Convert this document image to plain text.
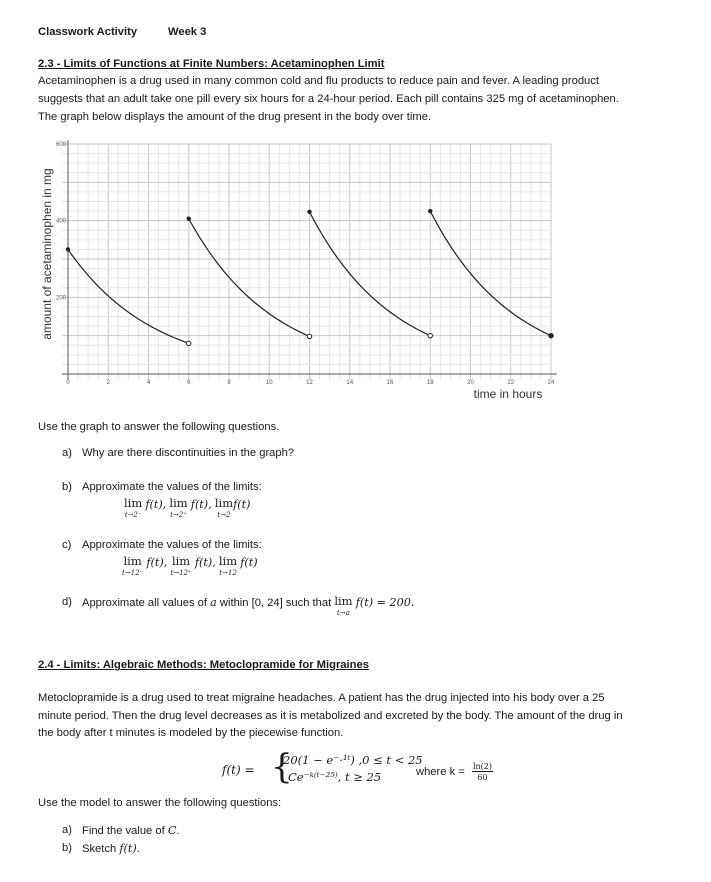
Classwork Activity	Week 3
2.3 - Limits of Functions at Finite Numbers: Acetaminophen Limit
Acetaminophen is a drug used in many common cold and flu products to reduce pain and fever. A leading product
suggests that an adult take one pill every six hours for a 24-hour period. Each pill contains 325 mg of acetaminophen.
The graph below displays the amount of the drug present in the body over time.
0	2	4	6	8	10	12	14	16	18	20	22	24
200
400
600
amount of acetaminophen in mg
time in hours
Use the graph to answer the following questions.
a) Why are there discontinuities in the graph?
b) Approximate the values of the limits:
lim
t→2⁻
f(t), lim
t→2⁺
f(t), lim
t→2
f(t)
c) Approximate the values of the limits:
lim
t→12⁻
f(t), lim
t→12⁺
f(t), lim
t→12
f(t)
d) Approximate all values of a within [0, 24] such that lim
t→a
f(t) = 200.
2.4 - Limits: Algebraic Methods: Metoclopramide for Migraines
Metoclopramide is a drug used to treat migraine headaches. A patient has the drug injected into his body over a 25
minute period. Then the drug level decreases as it is metabolized and excreted by the body. The amount of the drug in
the body after t minutes is modeled by the piecewise function.
f(t) = {
20(1 − e⁻·¹ᵗ) ,0 ≤ t < 25
Ce⁻ᵏ⁽ᵗ⁻²⁵⁾, t ≥ 25	where $k = \frac{\ln(2)}{60}$
Use the model to answer the following questions:
a) Find the value of C.
b) Sketch f(t).
